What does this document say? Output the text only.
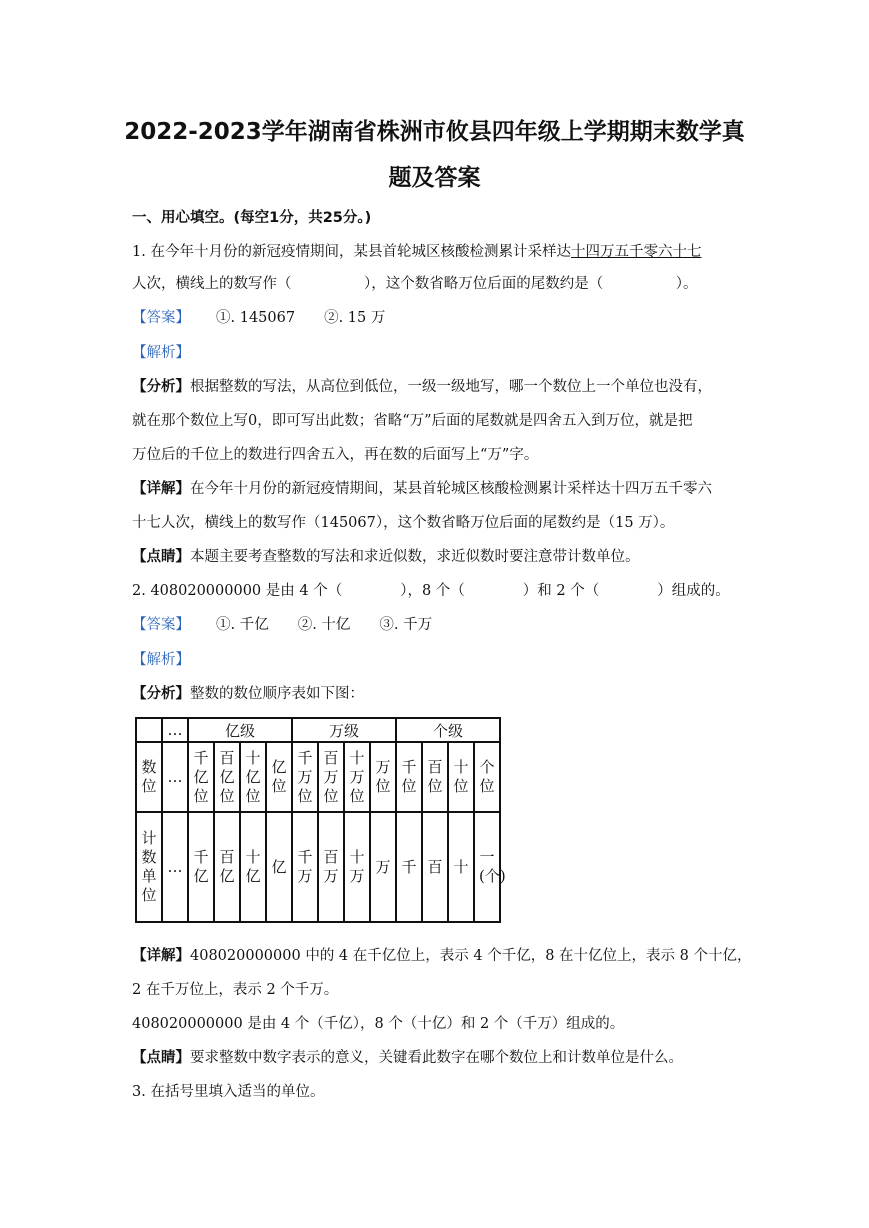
2022-2023学年湖南省株洲市攸县四年级上学期期末数学真
题及答案
一、用心填空。(每空1分，共25分。)
1. 在今年十月份的新冠疫情期间，某县首轮城区核酸检测累计采样达十四万五千零六十七
人次，横线上的数写作（　　　　　），这个数省略万位后面的尾数约是（　　　　　）。
【答案】 ①. 145067　　②. 15 万
【解析】
【分析】根据整数的写法，从高位到低位，一级一级地写，哪一个数位上一个单位也没有，
就在那个数位上写0，即可写出此数；省略“万”后面的尾数就是四舍五入到万位，就是把
万位后的千位上的数进行四舍五入，再在数的后面写上“万”字。
【详解】在今年十月份的新冠疫情期间，某县首轮城区核酸检测累计采样达十四万五千零六
十七人次，横线上的数写作（145067），这个数省略万位后面的尾数约是（15 万）。
【点睛】本题主要考查整数的写法和求近似数，求近似数时要注意带计数单位。
2. 408020000000 是由 4 个（　　　　），8 个（　　　　）和 2 个（　　　　）组成的。
【答案】 ①. 千亿　　②. 十亿　　③. 千万
【解析】
【分析】整数的数位顺序表如下图：
	…	亿级				万级				个级			
数位	…	千亿位	百亿位	十亿位	亿位	千万位	百万位	十万位	万位	千位	百位	十位	个位
计数单位	…	千亿	百亿	十亿	亿	千万	百万	十万	万	千	百	十	一(个)
【详解】408020000000 中的 4 在千亿位上，表示 4 个千亿，8 在十亿位上，表示 8 个十亿，
2 在千万位上，表示 2 个千万。
408020000000 是由 4 个（千亿），8 个（十亿）和 2 个（千万）组成的。
【点睛】要求整数中数字表示的意义，关键看此数字在哪个数位上和计数单位是什么。
3. 在括号里填入适当的单位。
